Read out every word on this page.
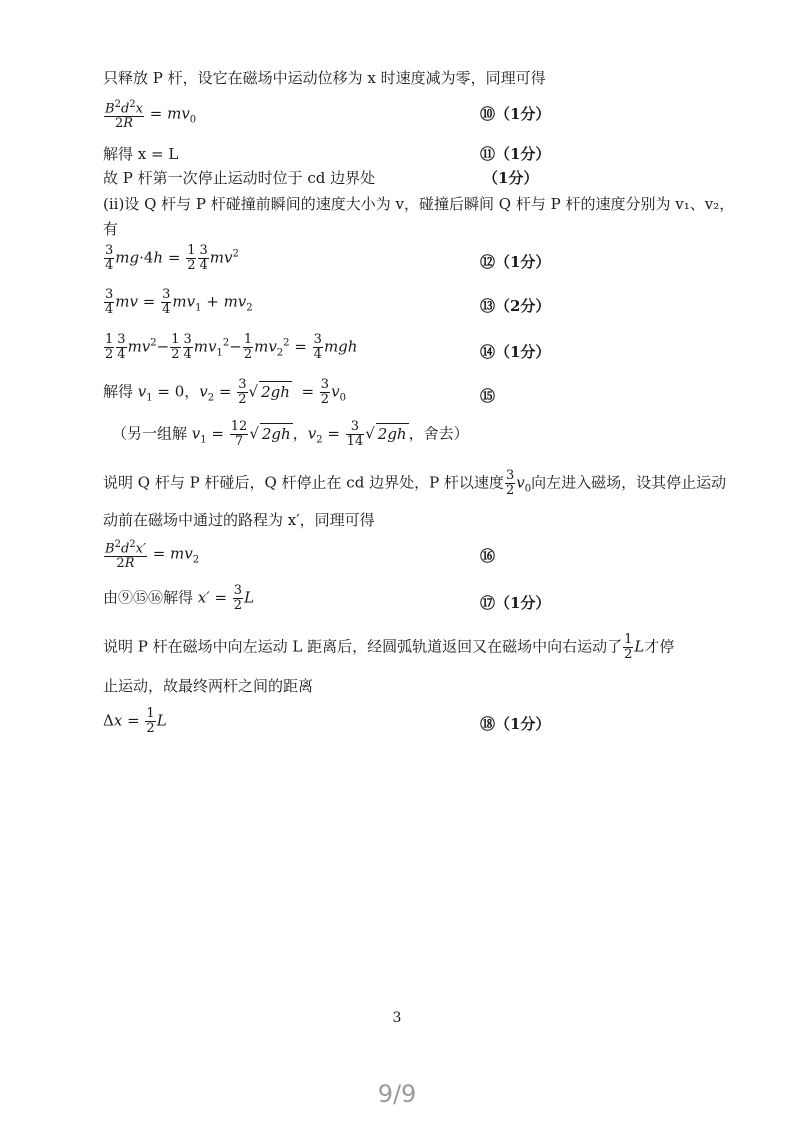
只释放 P 杆，设它在磁场中运动位移为 x 时速度减为零，同理可得
$\frac{B^2d^2x}{2R} = mv_0$	⑩（1分）
解得 x = L	⑪（1分）
故 P 杆第一次停止运动时位于 cd 边界处	（1分）
(ii)设 Q 杆与 P 杆碰撞前瞬间的速度大小为 v，碰撞后瞬间 Q 杆与 P 杆的速度分别为 v₁、v₂，
有
$\frac{3}{4} mg\cdot 4h = \frac{1}{2} \frac{3}{4} mv^2$	⑫（1分）
$\frac{3}{4}$ mv = $\frac{3}{4} mv_1 + mv_2$	⑬（2分）
$\frac{1}{2} \frac{3}{4} mv^2- \frac{1}{2} \frac{3}{4} mv_1^2- \frac{1}{2} mv_2^2 = \frac{3}{4}$ mgh	⑭（1分）
解得 $v_1 = 0$，$v_2 = \frac{3}{2}$ √ $2gh = \frac{3}{2} v_0$	⑮
（另一组解 $v_1 = \frac{12}{7}$ √ 2gh ，$v_2 = \frac{3}{14}$ √ 2gh ，舍去）
说明 Q 杆与 P 杆碰后，Q 杆停止在 cd 边界处，P 杆以速度 $\frac{3}{2} v_0$向左进入磁场，设其停止运动
动前在磁场中通过的路程为 x′，同理可得
$\frac{B^2d^2x'}{2R} = mv_2$	⑯
由⑨⑮⑯解得 $x' = \frac{3}{2}$ L	⑰（1分）
说明 P 杆在磁场中向左运动 L 距离后，经圆弧轨道返回又在磁场中向右运动了 $\frac{1}{2}$ L才停
止运动，故最终两杆之间的距离
$\Delta x = \frac{1}{2}$ L	⑱（1分）
3
9/9
